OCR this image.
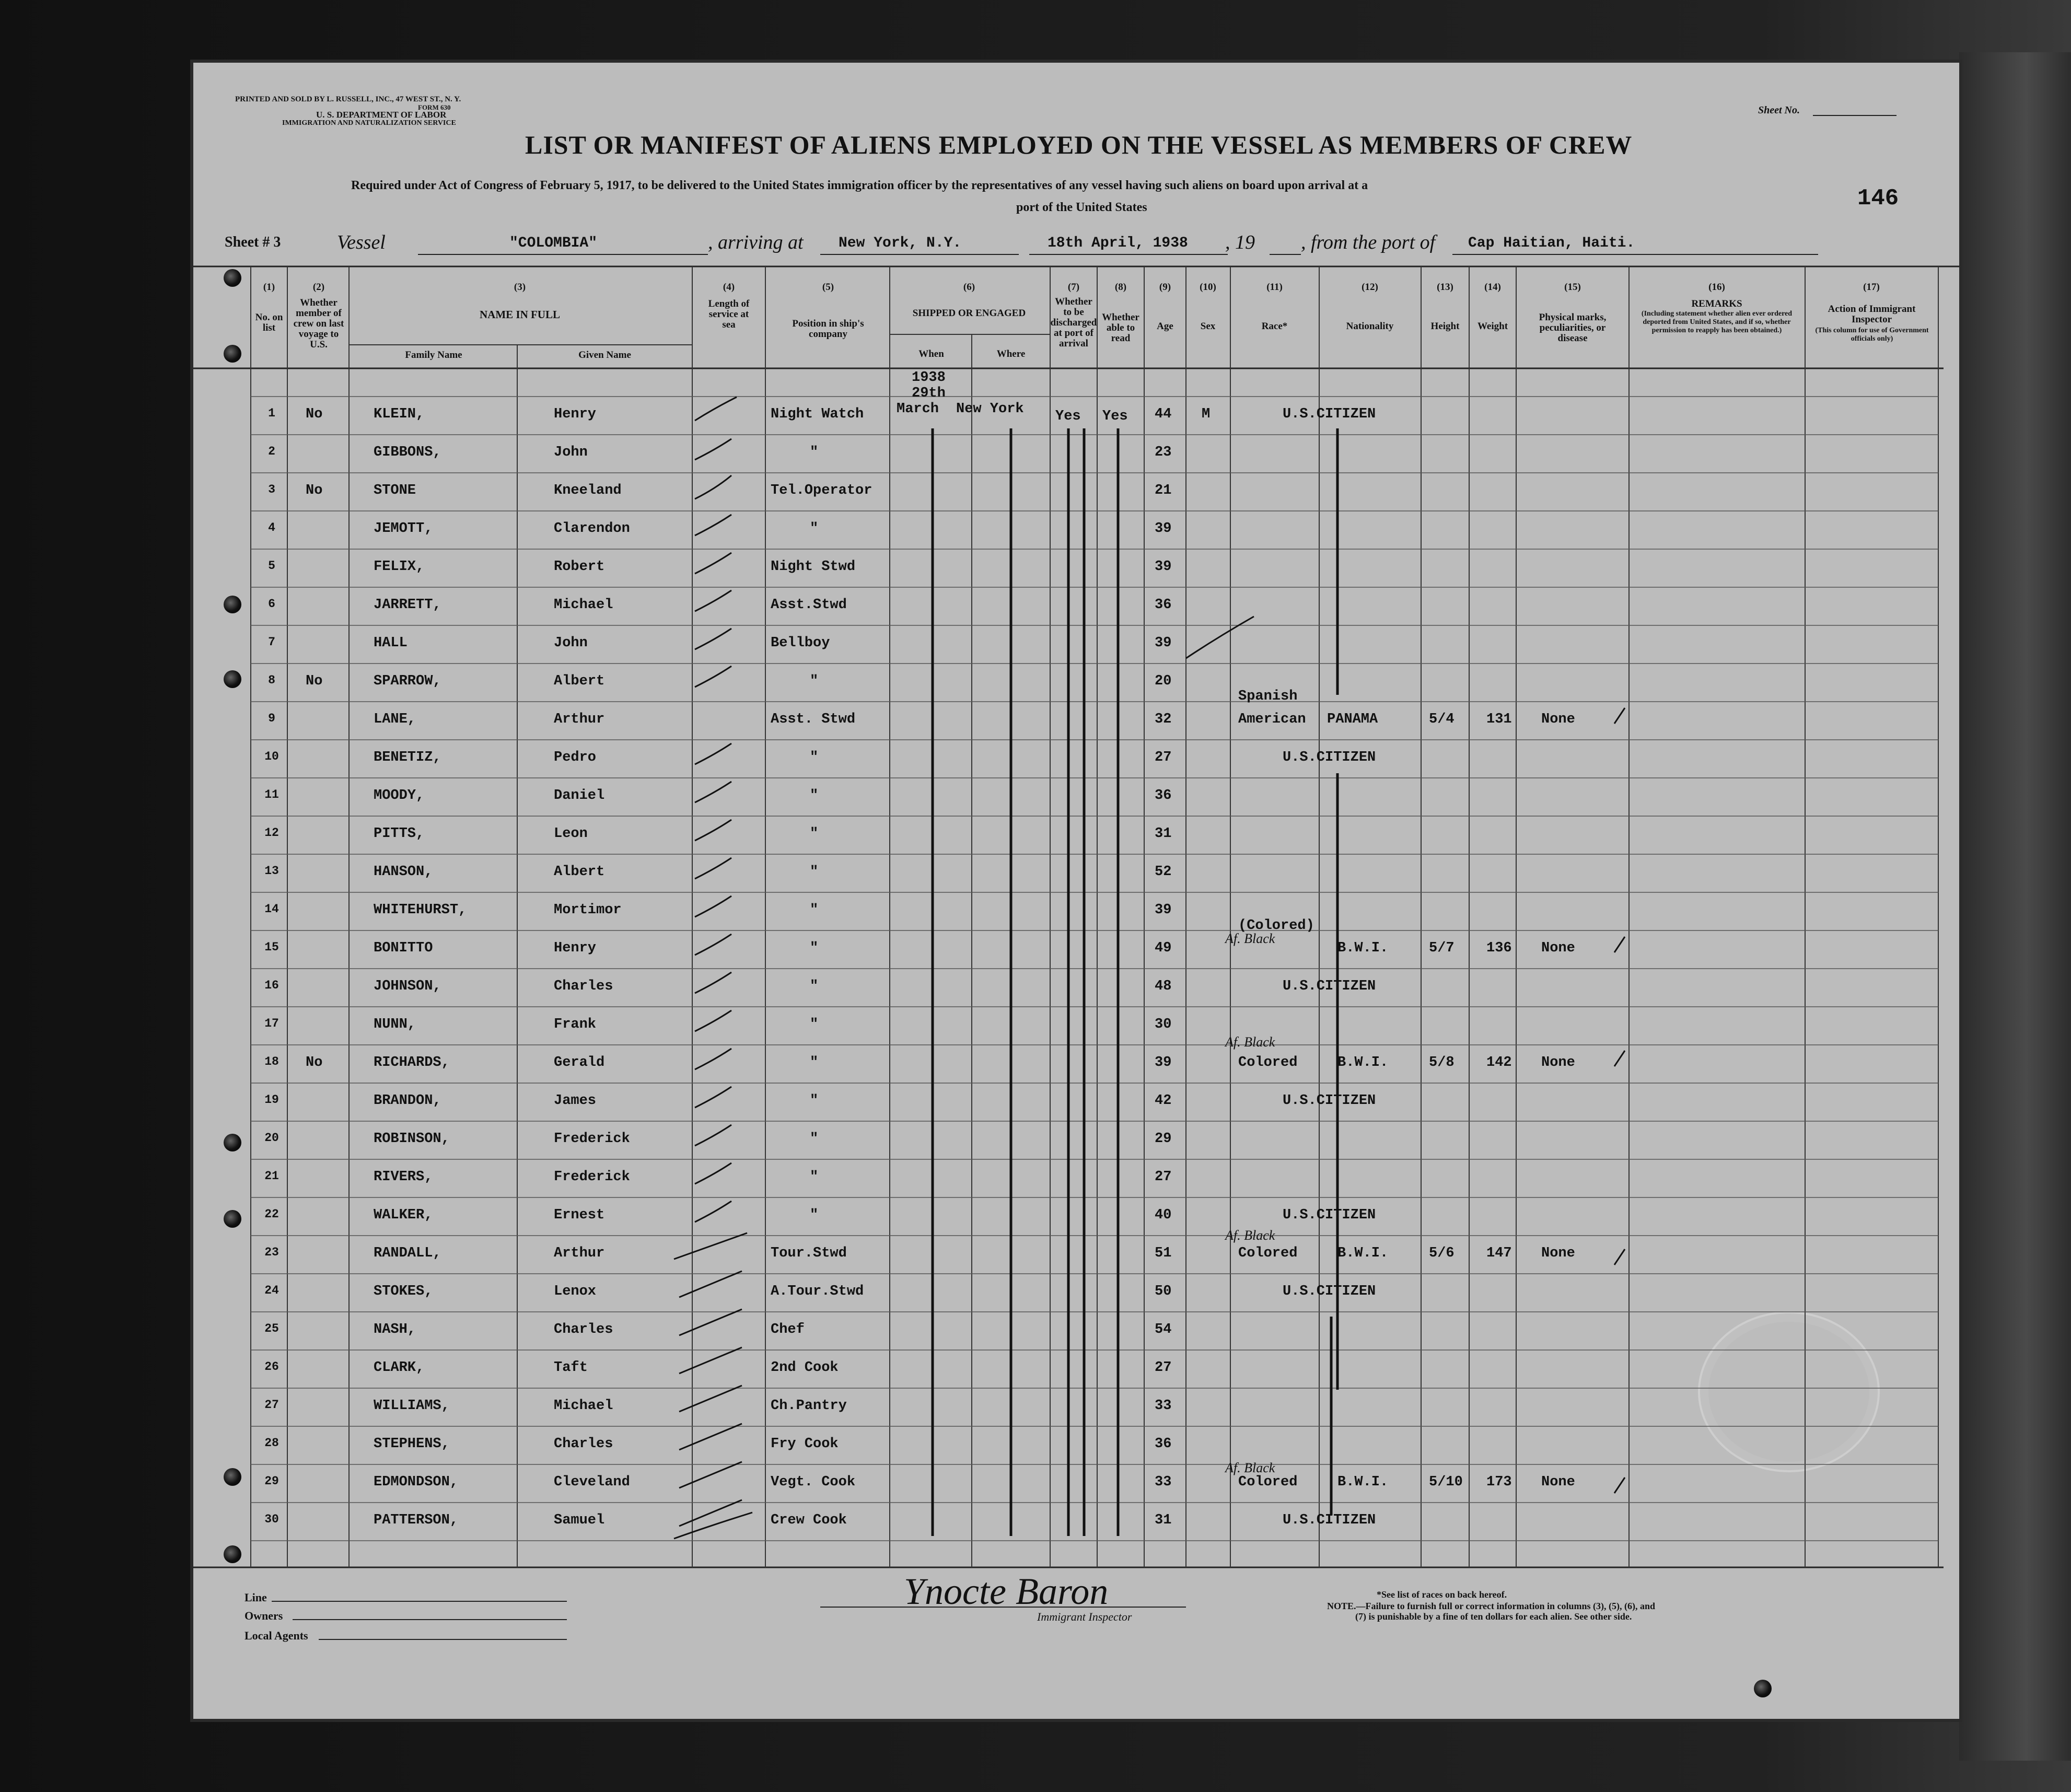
PRINTED AND SOLD BY L. RUSSELL, INC., 47 WEST ST., N. Y.
FORM 630
U. S. DEPARTMENT OF LABOR
IMMIGRATION AND NATURALIZATION SERVICE
Sheet No.
LIST OR MANIFEST OF ALIENS EMPLOYED ON THE VESSEL AS MEMBERS OF CREW
Required under Act of Congress of February 5, 1917, to be delivered to the United States immigration officer by the representatives of any vessel having such aliens on board upon arrival at a
port of the United States	146
Sheet # 3	Vessel	"COLOMBIA"	, arriving at New York, N.Y.	18th April, 1938 , 19 , from the port of Cap Haitian, Haiti.
(1)
No. on list
(2)
Whether member of crew on last voyage to U.S.
(3)
NAME IN FULL
Family Name	Given Name
(4)
Length of service at sea
(5)
Position in ship's company
(6)
SHIPPED OR ENGAGED
When	Where
(7)
Whether to be discharged at port of arrival
(8)
Whether able to read
(9)
Age
(10)
Sex
(11)
Race*
(12)
Nationality
(13)
Height
(14)
Weight
(15)
Physical marks, peculiarities, or disease
(16)
REMARKS
(Including statement whether alien ever ordered deported from United States, and if so, whether permission to reapply has been obtained.)
(17)
Action of Immigrant Inspector
(This column for use of Government officials only)
1938
29th
March New York Yes Yes
Spanish
(Colored)
Af. Black
Af. Black
Af. Black
Af. Black
1	No	KLEIN,	Henry	Night Watch	44 M	U.S.CITIZEN
2	GIBBONS,	John	"	23
3	No	STONE	Kneeland	Tel.Operator	21
4	JEMOTT,	Clarendon	"	39
5	FELIX,	Robert	Night Stwd	39
6	JARRETT,	Michael	Asst.Stwd	36
7	HALL	John	Bellboy	39
8	No	SPARROW,	Albert	"	20
9	LANE,	Arthur	Asst. Stwd	32	American PANAMA	5/4 131 None
10	BENETIZ,	Pedro	"	27	U.S.CITIZEN
11	MOODY,	Daniel	"	36
12	PITTS,	Leon	"	31
13	HANSON,	Albert	"	52
14	WHITEHURST,	Mortimor	"	39
15	BONITTO	Henry	"	49	B.W.I.	5/7 136 None
16	JOHNSON,	Charles	"	48	U.S.CITIZEN
17	NUNN,	Frank	"	30
18 No	RICHARDS,	Gerald	"	39	Colored	B.W.I.	5/8 142 None
19	BRANDON,	James	"	42	U.S.CITIZEN
20	ROBINSON,	Frederick	"	29
21	RIVERS,	Frederick	"	27
22	WALKER,	Ernest	"	40	U.S.CITIZEN
23	RANDALL,	Arthur	Tour.Stwd	51	Colored	B.W.I.	5/6 147 None
24	STOKES,	Lenox	A.Tour.Stwd	50	U.S.CITIZEN
25	NASH,	Charles	Chef	54
26	CLARK,	Taft	2nd Cook	27
27	WILLIAMS,	Michael	Ch.Pantry	33
28	STEPHENS,	Charles	Fry Cook	36
29	EDMONDSON,	Cleveland	Vegt. Cook	33	Colored	B.W.I.	5/10 173 None
30	PATTERSON,	Samuel	Crew Cook	31	U.S.CITIZEN
Line
Owners
Local Agents
Ynocte Baron
Immigrant Inspector
*See list of races on back hereof.
NOTE.—Failure to furnish full or correct information in columns (3), (5), (6), and
(7) is punishable by a fine of ten dollars for each alien. See other side.
